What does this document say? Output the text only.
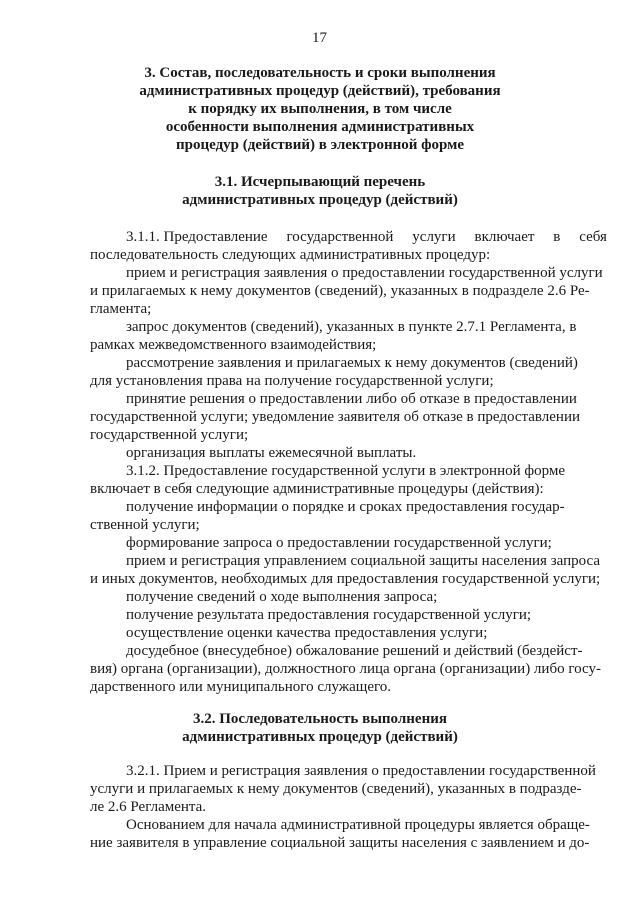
17
3. Состав, последовательность и сроки выполнения
административных процедур (действий), требования
к порядку их выполнения, в том числе
особенности выполнения административных
процедур (действий) в электронной форме
3.1. Исчерпывающий перечень
административных процедур (действий)
3.1.1. Предоставление государственной услуги включает в себя
последовательность следующих административных процедур:
прием и регистрация заявления о предоставлении государственной услуги
и прилагаемых к нему документов (сведений), указанных в подразделе 2.6 Ре-
гламента;
запрос документов (сведений), указанных в пункте 2.7.1 Регламента, в
рамках межведомственного взаимодействия;
рассмотрение заявления и прилагаемых к нему документов (сведений)
для установления права на получение государственной услуги;
принятие решения о предоставлении либо об отказе в предоставлении
государственной услуги; уведомление заявителя об отказе в предоставлении
государственной услуги;
организация выплаты ежемесячной выплаты.
3.1.2. Предоставление государственной услуги в электронной форме
включает в себя следующие административные процедуры (действия):
получение информации о порядке и сроках предоставления государ-
ственной услуги;
формирование запроса о предоставлении государственной услуги;
прием и регистрация управлением социальной защиты населения запроса
и иных документов, необходимых для предоставления государственной услуги;
получение сведений о ходе выполнения запроса;
получение результата предоставления государственной услуги;
осуществление оценки качества предоставления услуги;
досудебное (внесудебное) обжалование решений и действий (бездейст-
вия) органа (организации), должностного лица органа (организации) либо госу-
дарственного или муниципального служащего.
3.2. Последовательность выполнения
административных процедур (действий)
3.2.1. Прием и регистрация заявления о предоставлении государственной
услуги и прилагаемых к нему документов (сведений), указанных в подразде-
ле 2.6 Регламента.
Основанием для начала административной процедуры является обраще-
ние заявителя в управление социальной защиты населения с заявлением и до-
